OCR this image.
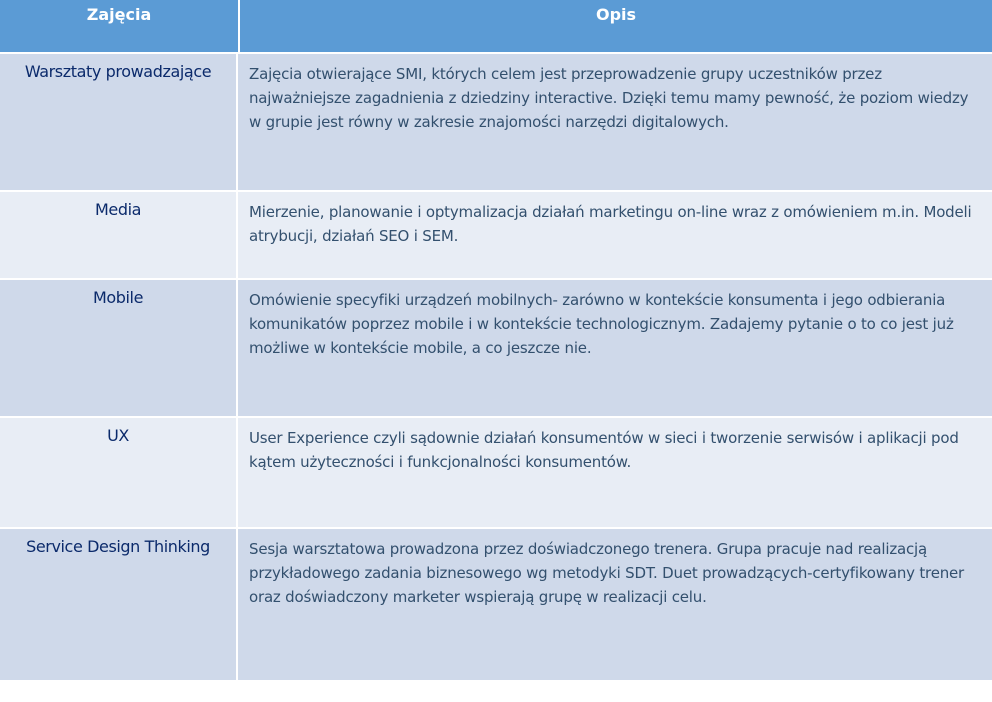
Zajęcia	Opis
Warsztaty prowadzające	Zajęcia otwierające SMI, których celem jest przeprowadzenie grupy uczestników przez najważniejsze zagadnienia z dziedziny interactive. Dzięki temu mamy pewność, że poziom wiedzy w grupie jest równy w zakresie znajomości narzędzi digitalowych.
Media	Mierzenie, planowanie i optymalizacja działań marketingu on-line wraz z omówieniem m.in. Modeli atrybucji, działań SEO i SEM.
Mobile	Omówienie specyfiki urządzeń mobilnych- zarówno w kontekście konsumenta i jego odbierania komunikatów poprzez mobile i w kontekście technologicznym. Zadajemy pytanie o to co jest już możliwe w kontekście mobile, a co jeszcze nie.
UX	User Experience czyli sądownie działań konsumentów w sieci i tworzenie serwisów i aplikacji pod kątem użyteczności i funkcjonalności konsumentów.
Service Design Thinking	Sesja warsztatowa prowadzona przez doświadczonego trenera. Grupa pracuje nad realizacją przykładowego zadania biznesowego wg metodyki SDT. Duet prowadzących-certyfikowany trener oraz doświadczony marketer wspierają grupę w realizacji celu.
